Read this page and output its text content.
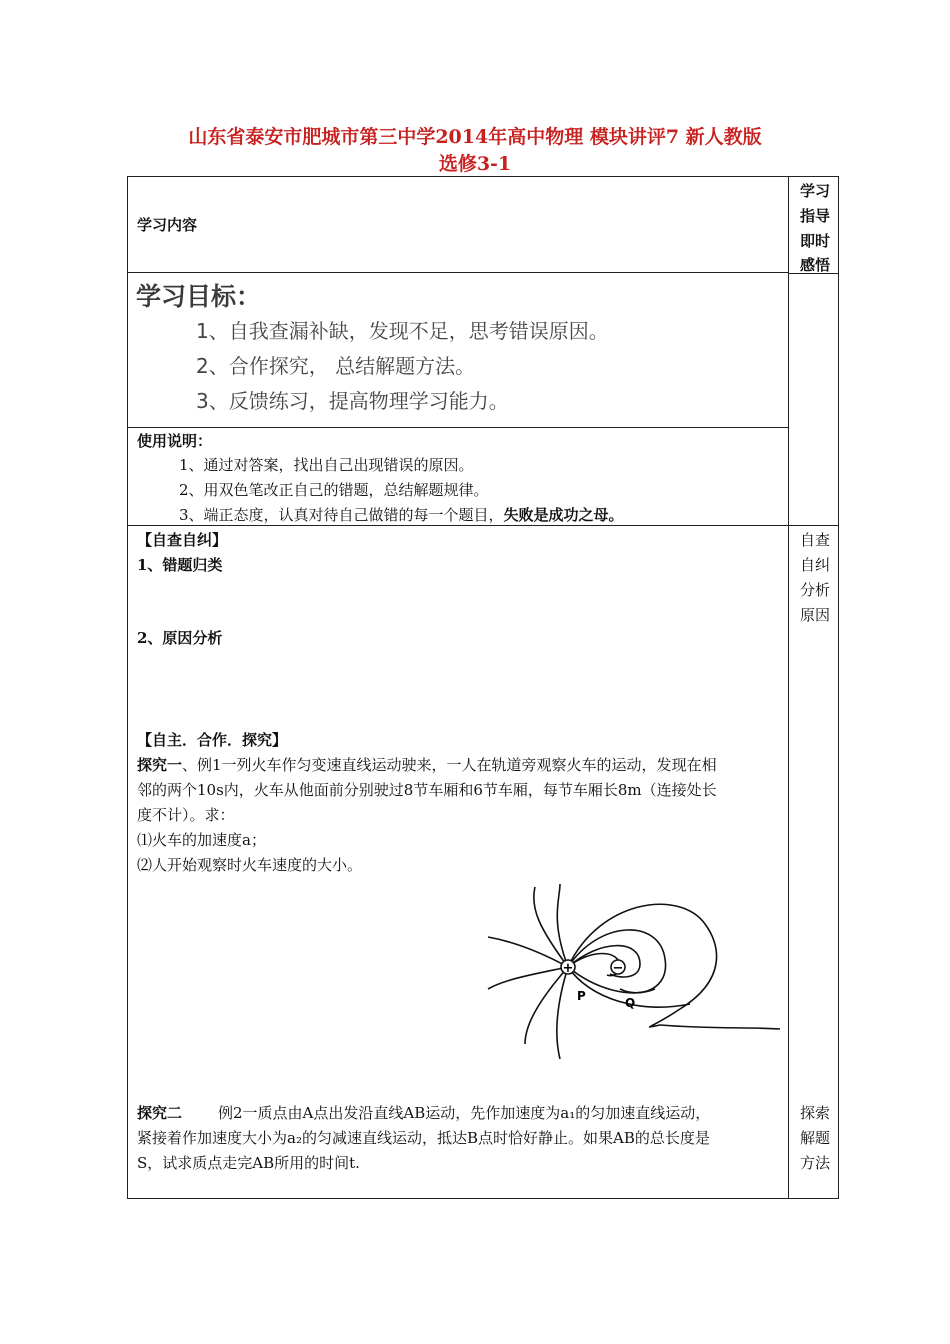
山东省泰安市肥城市第三中学2014年高中物理 模块讲评7 新人教版
选修3-1
学习内容
学习
指导
即时
感悟
学习目标：
1、自我查漏补缺，发现不足，思考错误原因。
2、合作探究， 总结解题方法。
3、反馈练习，提高物理学习能力。
使用说明：
1、通过对答案，找出自己出现错误的原因。
2、用双色笔改正自己的错题，总结解题规律。
3、端正态度，认真对待自己做错的每一个题目，失败是成功之母。
【自查自纠】
1、错题归类
2、原因分析
自查
自纠
分析
原因
【自主．合作．探究】
探究一、例1一列火车作匀变速直线运动驶来，一人在轨道旁观察火车的运动，发现在相
邻的两个10s内，火车从他面前分别驶过8节车厢和6节车厢，每节车厢长8m（连接处长
度不计）。求：
⑴火车的加速度a；
⑵人开始观察时火车速度的大小。
+	−
P	Q
探究二 例2一质点由A点出发沿直线AB运动，先作加速度为a₁的匀加速直线运动，
紧接着作加速度大小为a₂的匀减速直线运动，抵达B点时恰好静止。如果AB的总长度是
S，试求质点走完AB所用的时间t.
探索
解题
方法
